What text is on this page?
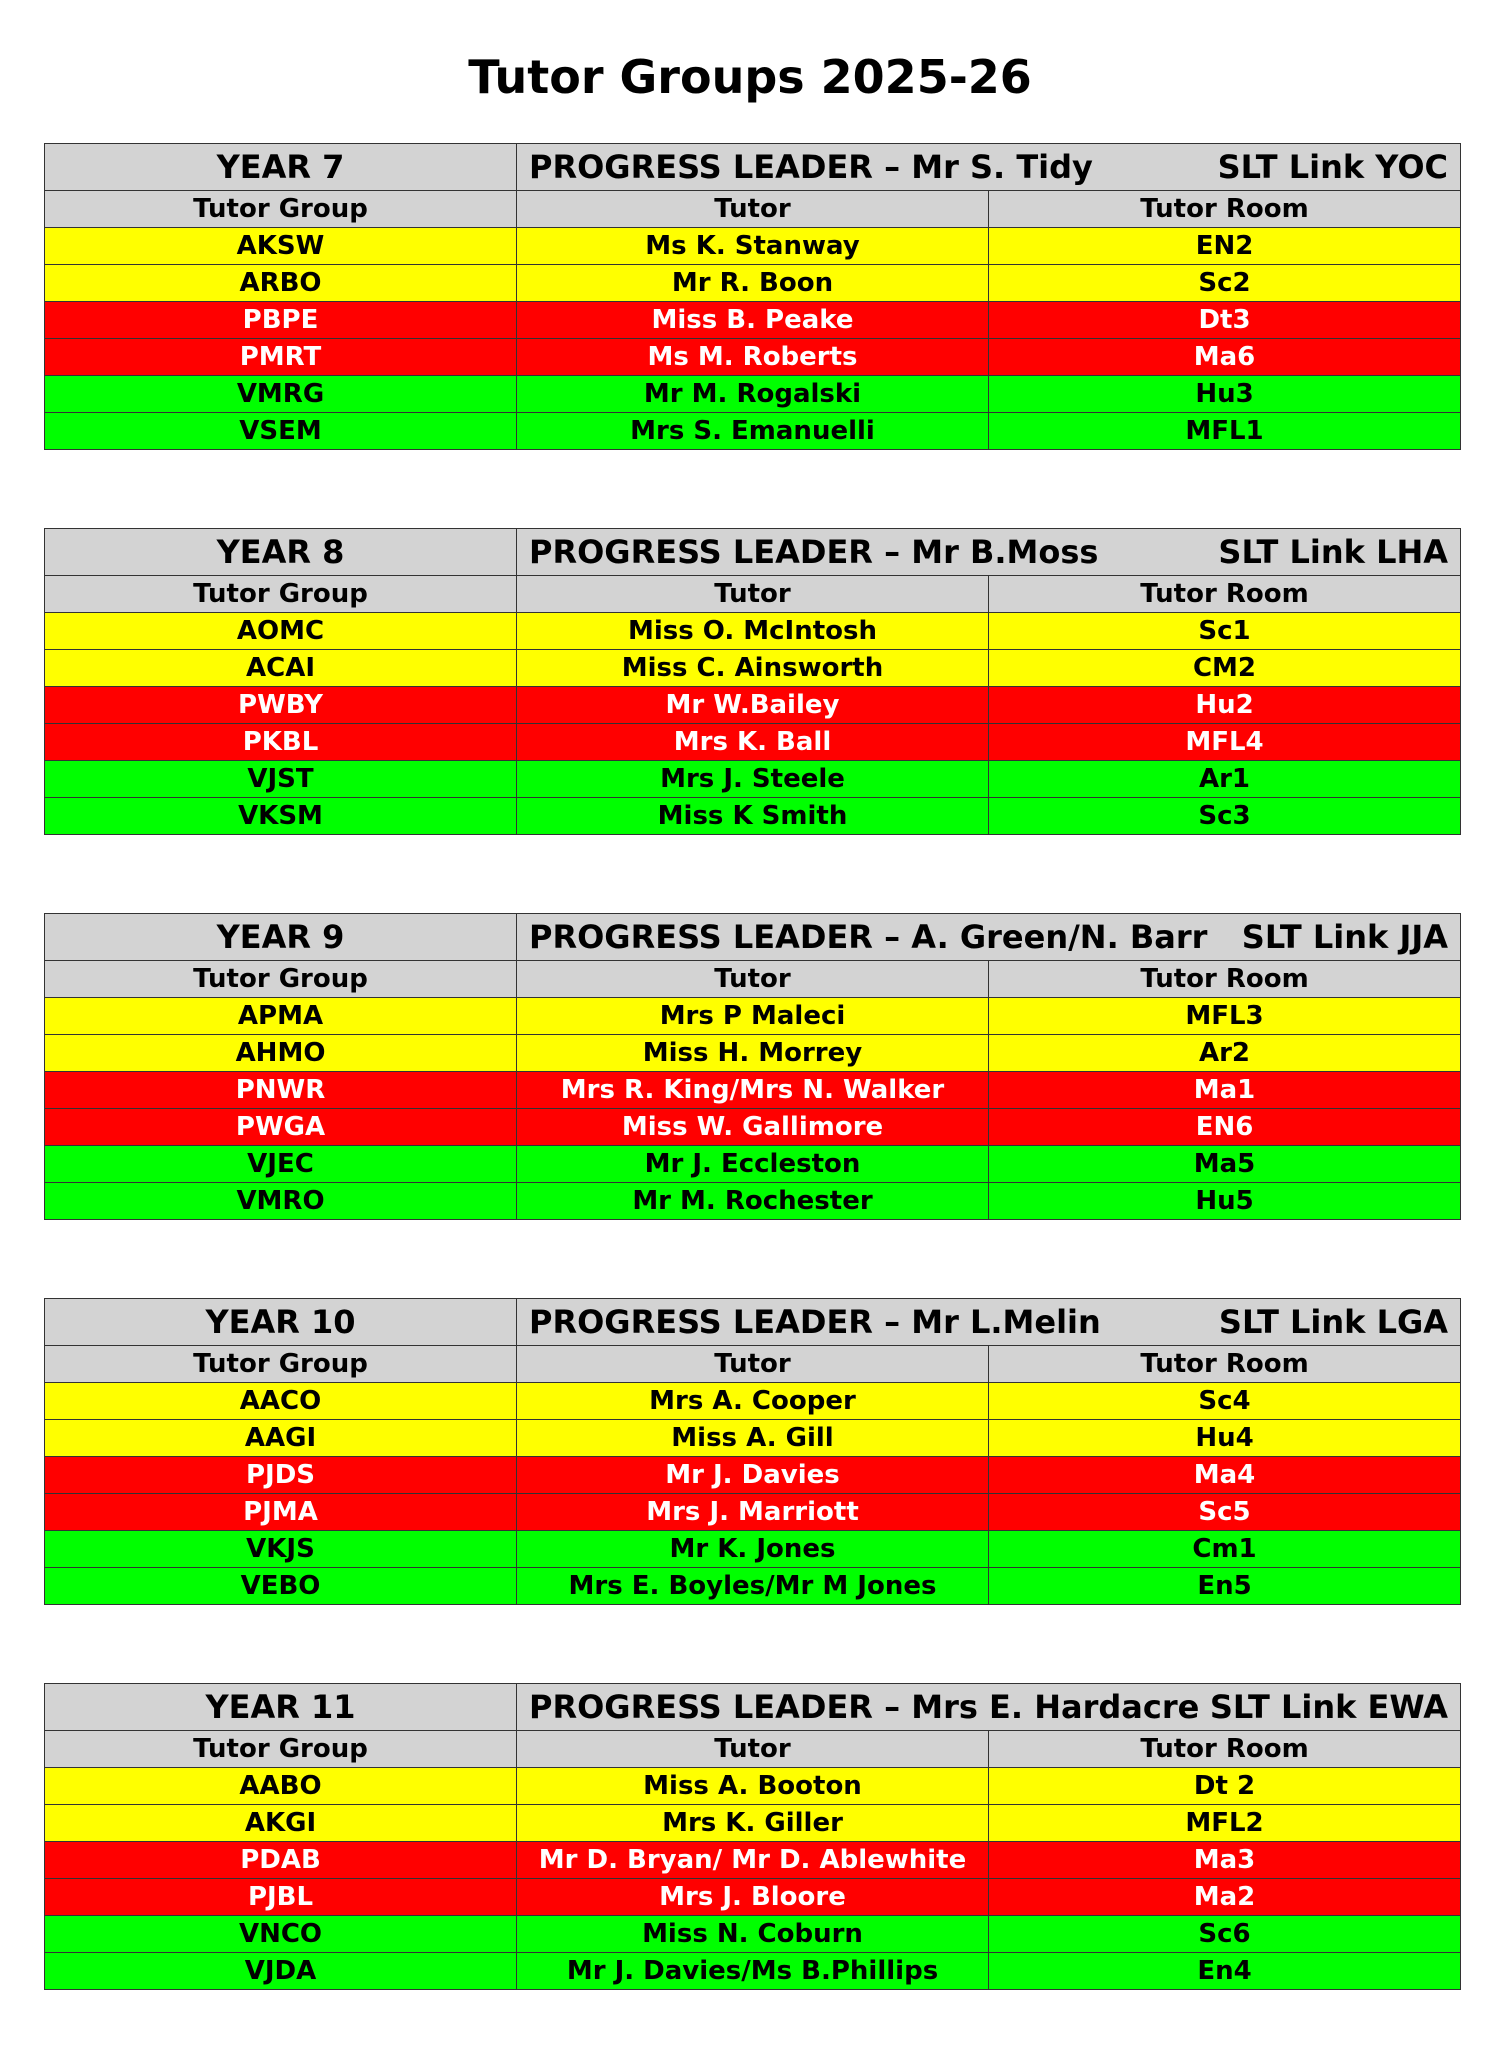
Tutor Groups 2025-26
YEAR 7	PROGRESS LEADER – Mr S. Tidy SLT Link YOC	

Tutor Group	Tutor	Tutor Room
AKSW	Ms K. Stanway	EN2
ARBO	Mr R. Boon	Sc2
PBPE	Miss B. Peake	Dt3
PMRT	Ms M. Roberts	Ma6
VMRG	Mr M. Rogalski	Hu3
VSEM	Mrs S. Emanuelli	MFL1
YEAR 8	PROGRESS LEADER – Mr B.Moss SLT Link LHA	

Tutor Group	Tutor	Tutor Room
AOMC	Miss O. McIntosh	Sc1
ACAI	Miss C. Ainsworth	CM2
PWBY	Mr W.Bailey	Hu2
PKBL	Mrs K. Ball	MFL4
VJST	Mrs J. Steele	Ar1
VKSM	Miss K Smith	Sc3
YEAR 9	PROGRESS LEADER – A. Green/N. Barr SLT Link JJA	

Tutor Group	Tutor	Tutor Room
APMA	Mrs P Maleci	MFL3
AHMO	Miss H. Morrey	Ar2
PNWR	Mrs R. King/Mrs N. Walker	Ma1
PWGA	Miss W. Gallimore	EN6
VJEC	Mr J. Eccleston	Ma5
VMRO	Mr M. Rochester	Hu5
YEAR 10	PROGRESS LEADER – Mr L.Melin SLT Link LGA	

Tutor Group	Tutor	Tutor Room
AACO	Mrs A. Cooper	Sc4
AAGI	Miss A. Gill	Hu4
PJDS	Mr J. Davies	Ma4
PJMA	Mrs J. Marriott	Sc5
VKJS	Mr K. Jones	Cm1
VEBO	Mrs E. Boyles/Mr M Jones	En5
YEAR 11	PROGRESS LEADER – Mrs E. Hardacre SLT Link EWA	

Tutor Group	Tutor	Tutor Room
AABO	Miss A. Booton	Dt 2
AKGI	Mrs K. Giller	MFL2
PDAB	Mr D. Bryan/ Mr D. Ablewhite	Ma3
PJBL	Mrs J. Bloore	Ma2
VNCO	Miss N. Coburn	Sc6
VJDA	Mr J. Davies/Ms B.Phillips	En4
